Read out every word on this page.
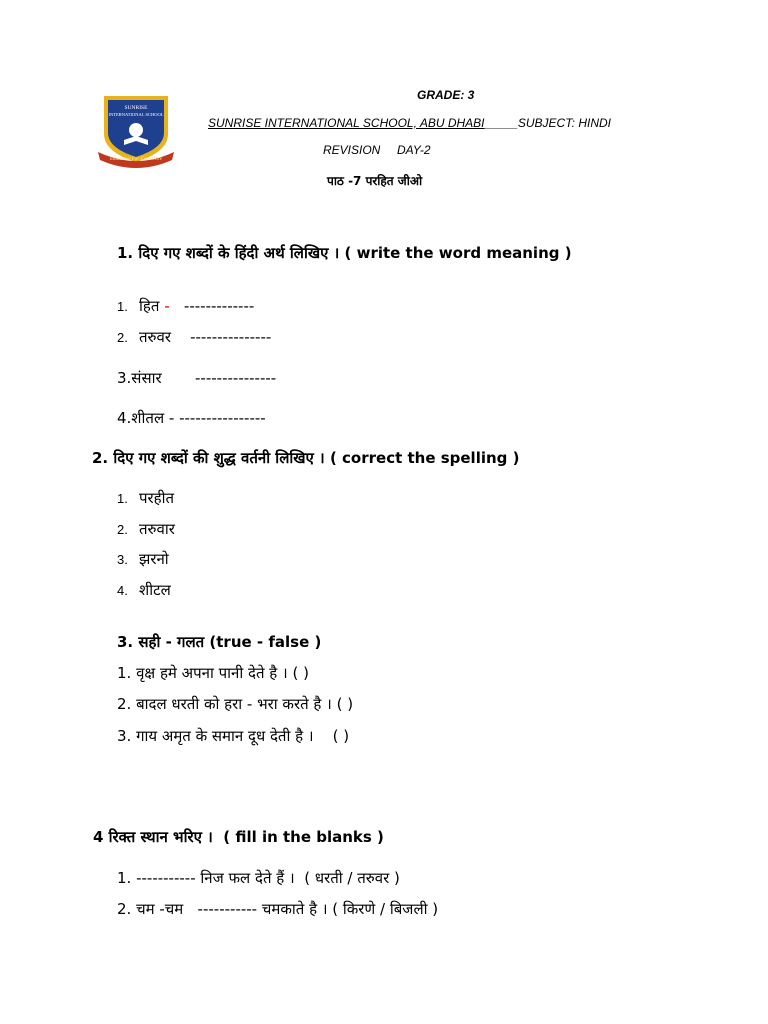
SUNRISE
INTERNATIONAL SCHOOL
Education For Excellence
GRADE: 3
SUNRISE INTERNATIONAL SCHOOL, ABU DHABI_____SUBJECT: HINDI
REVISION     DAY-2
पाठ -7 परहित जीओ
1. दिए गए शब्दों के हिंदी अर्थ लिखिए । ( write the word meaning )
1. हित - -------------
2. तरुवर ---------------
3.संसार ---------------
4.शीतल - ----------------
2. दिए गए शब्दों की शुद्ध वर्तनी लिखिए । ( correct the spelling )
1. परहीत
2. तरुवार
3. झरनो
4. शीटल
3. सही - गलत (true - false )
1. वृक्ष हमे अपना पानी देते है । ( )
2. बादल धरती को हरा - भरा करते है । ( )
3. गाय अमृत के समान दूध देती है ।    ( )
4 रिक्त स्थान भरिए ।  ( fill in the blanks )
1. ----------- निज फल देते हैं ।  ( धरती / तरुवर )
2. चम -चम   ----------- चमकाते है । ( किरणे / बिजली )
